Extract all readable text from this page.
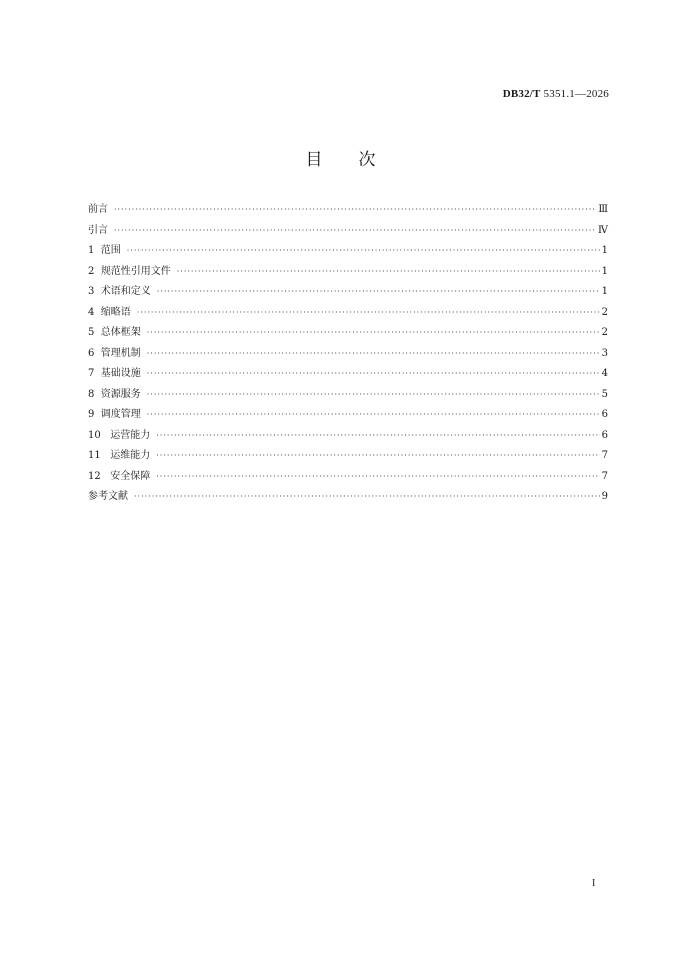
DB32/T 5351.1—2026
目 次
前言 ·····	Ⅲ
引言 ·····	Ⅳ
1 范围 ·····	1
2 规范性引用文件 ·····	1
3 术语和定义 ·····	1
4 缩略语 ·····	2
5 总体框架 ·····	2
6 管理机制 ·····	3
7 基础设施 ·····	4
8 资源服务 ·····	5
9 调度管理 ·····	6
10 运营能力 ·····	6
11 运维能力 ·····	7
12 安全保障 ·····	7
参考文献 ·····	9
I
